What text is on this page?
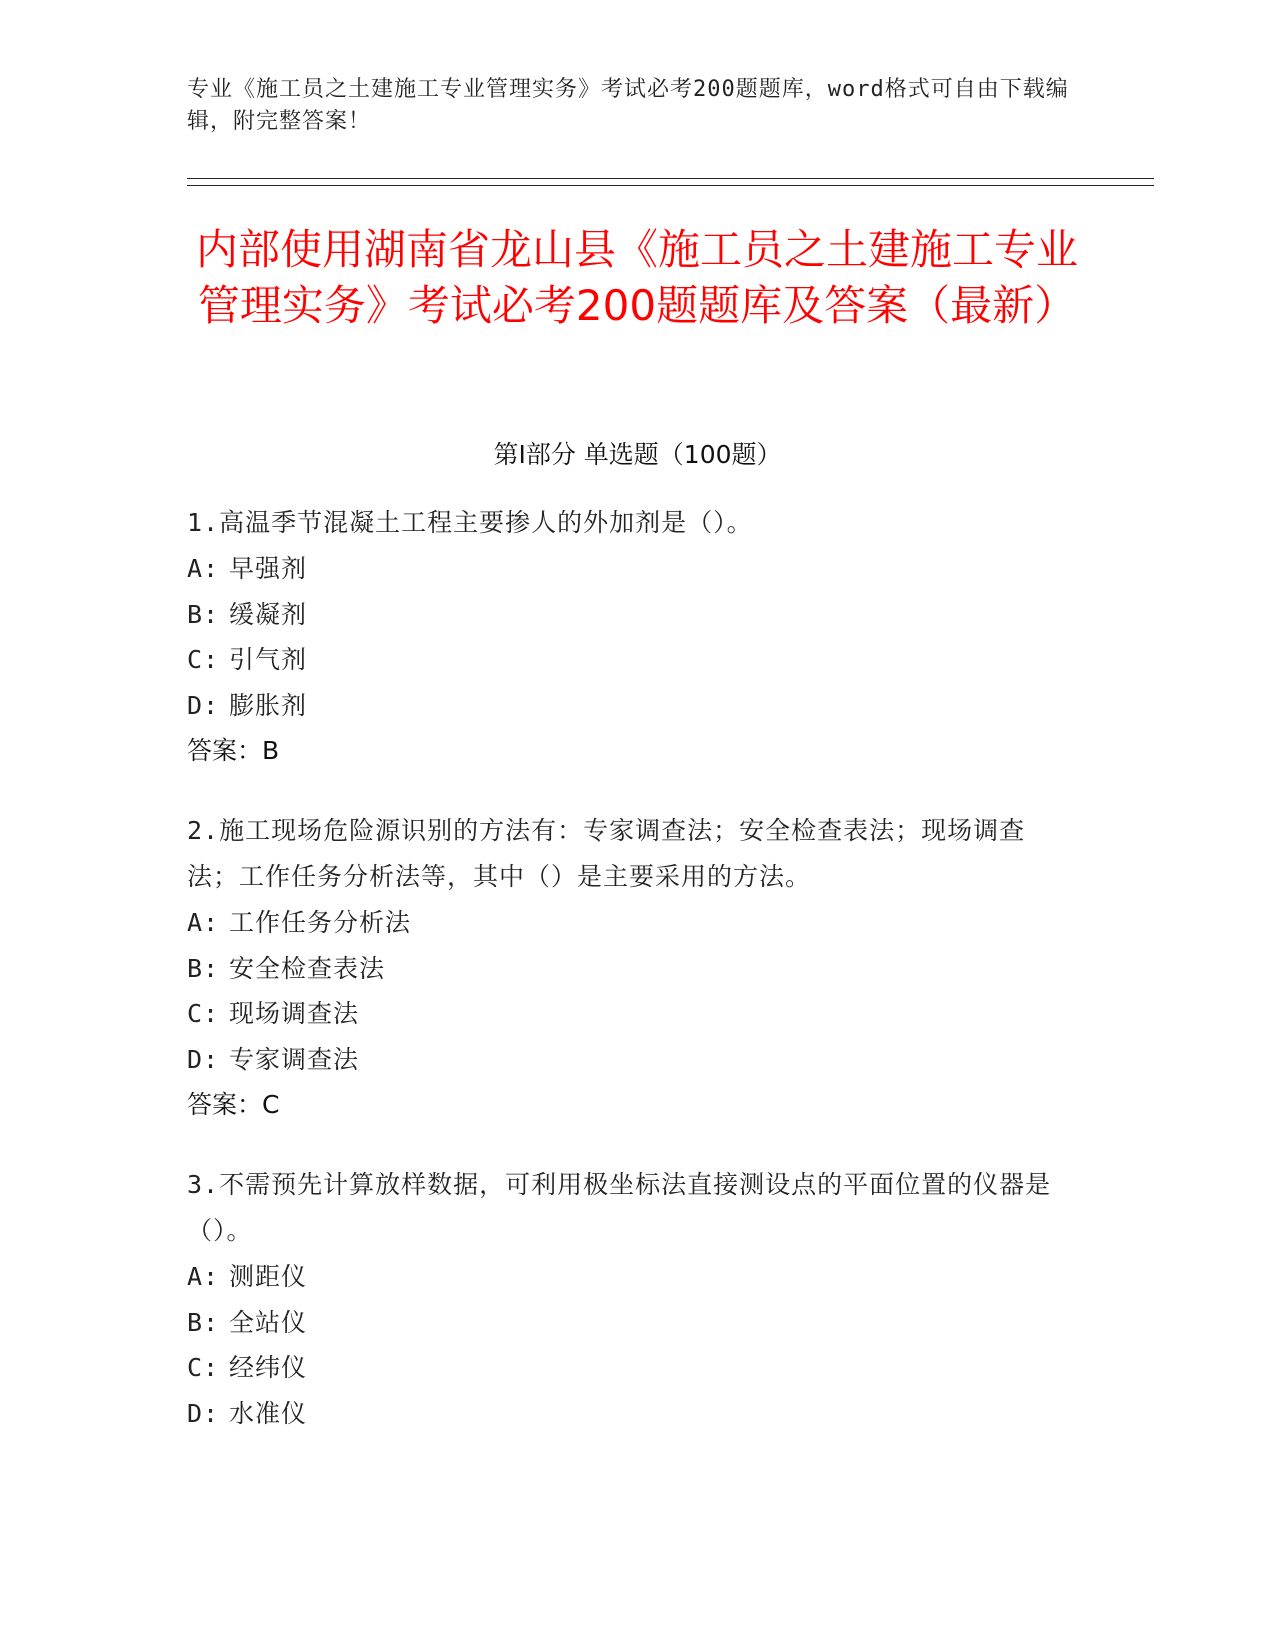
专业《施工员之土建施工专业管理实务》考试必考200题题库，word格式可自由下载编辑，附完整答案！
内部使用湖南省龙山县《施工员之土建施工专业管理实务》考试必考200题题库及答案（最新）
第Ⅰ部分 单选题（100题）

1.高温季节混凝土工程主要掺人的外加剂是（）。

A: 早强剂

B: 缓凝剂

C: 引气剂

D: 膨胀剂

答案：B

2.施工现场危险源识别的方法有：专家调查法；安全检查表法；现场调查法；工作任务分析法等，其中（）是主要采用的方法。

A: 工作任务分析法

B: 安全检查表法

C: 现场调查法

D: 专家调查法

答案：C

3.不需预先计算放样数据，可利用极坐标法直接测设点的平面位置的仪器是（）。

A: 测距仪

B: 全站仪

C: 经纬仪

D: 水准仪
